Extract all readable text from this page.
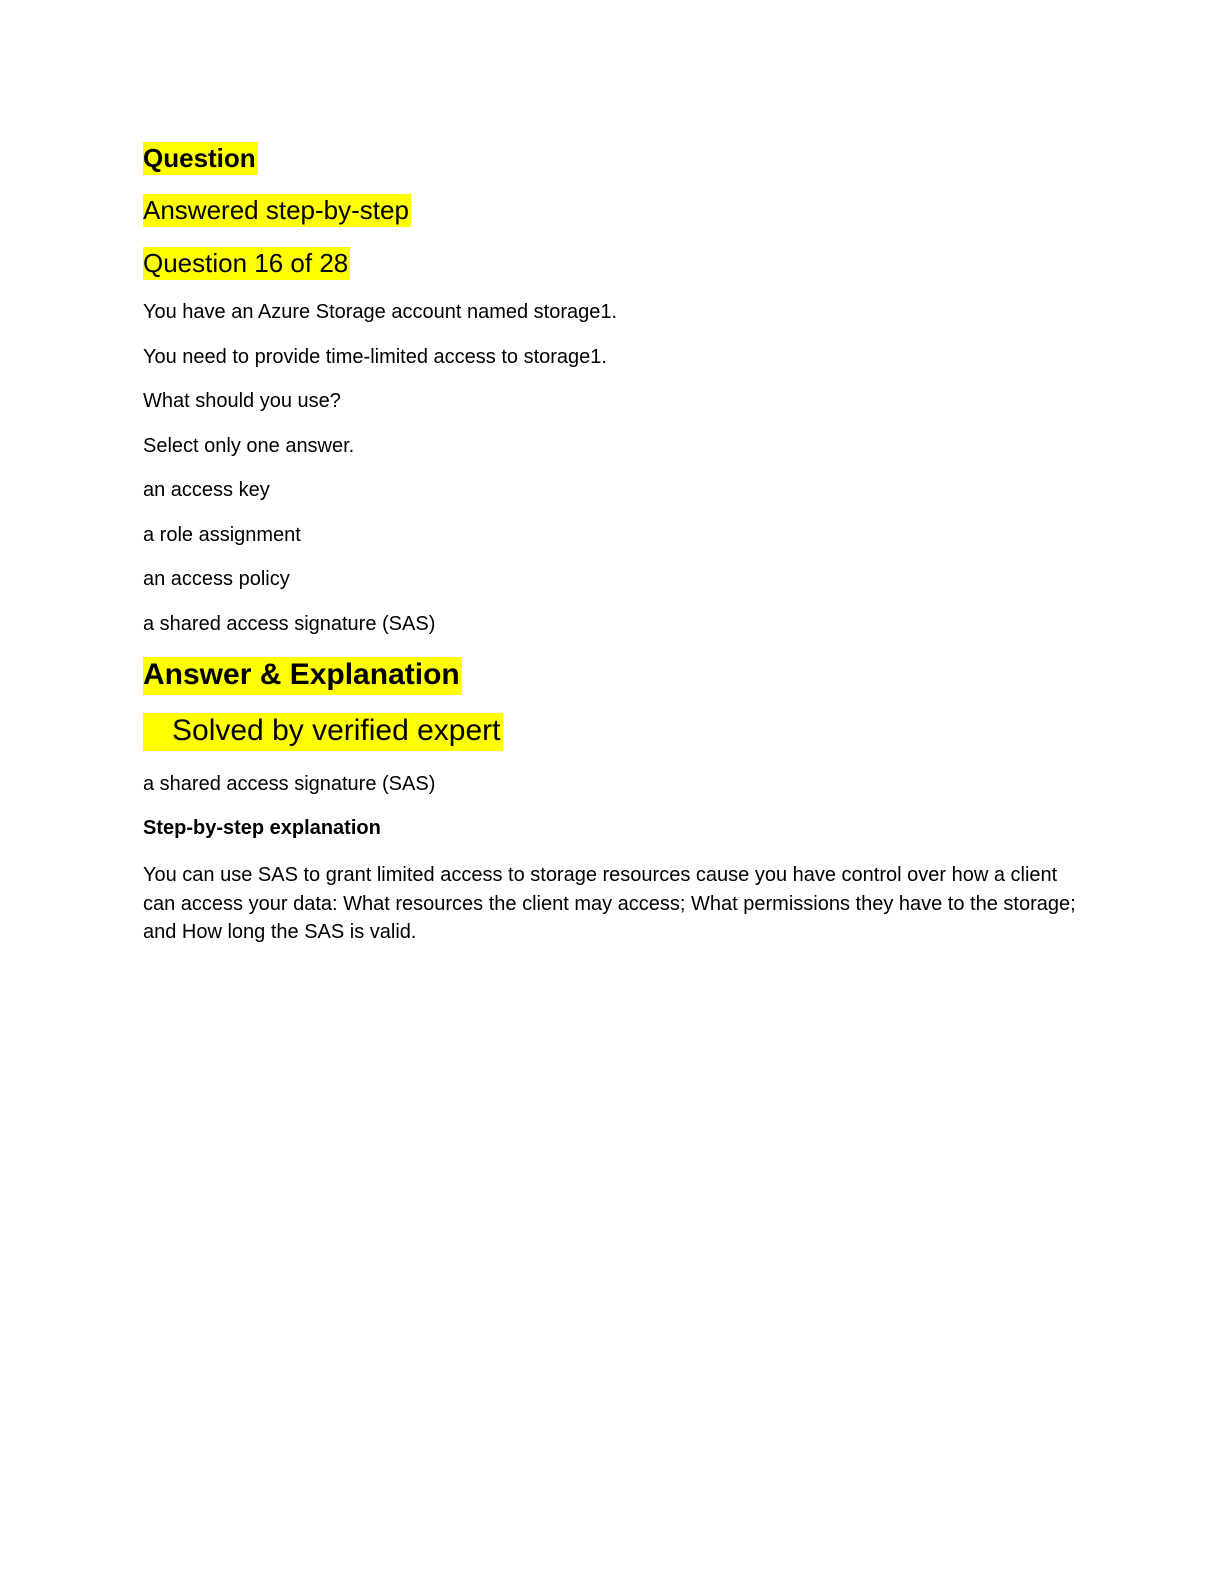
Question
Answered step-by-step
Question 16 of 28

You have an Azure Storage account named storage1.

You need to provide time-limited access to storage1.

What should you use?

Select only one answer.

an access key

a role assignment

an access policy

a shared access signature (SAS)

Answer & Explanation
Solved by verified expert

a shared access signature (SAS)

Step-by-step explanation

You can use SAS to grant limited access to storage resources cause you have control over how a client can access your data: What resources the client may access; What permissions they have to the storage; and How long the SAS is valid.
